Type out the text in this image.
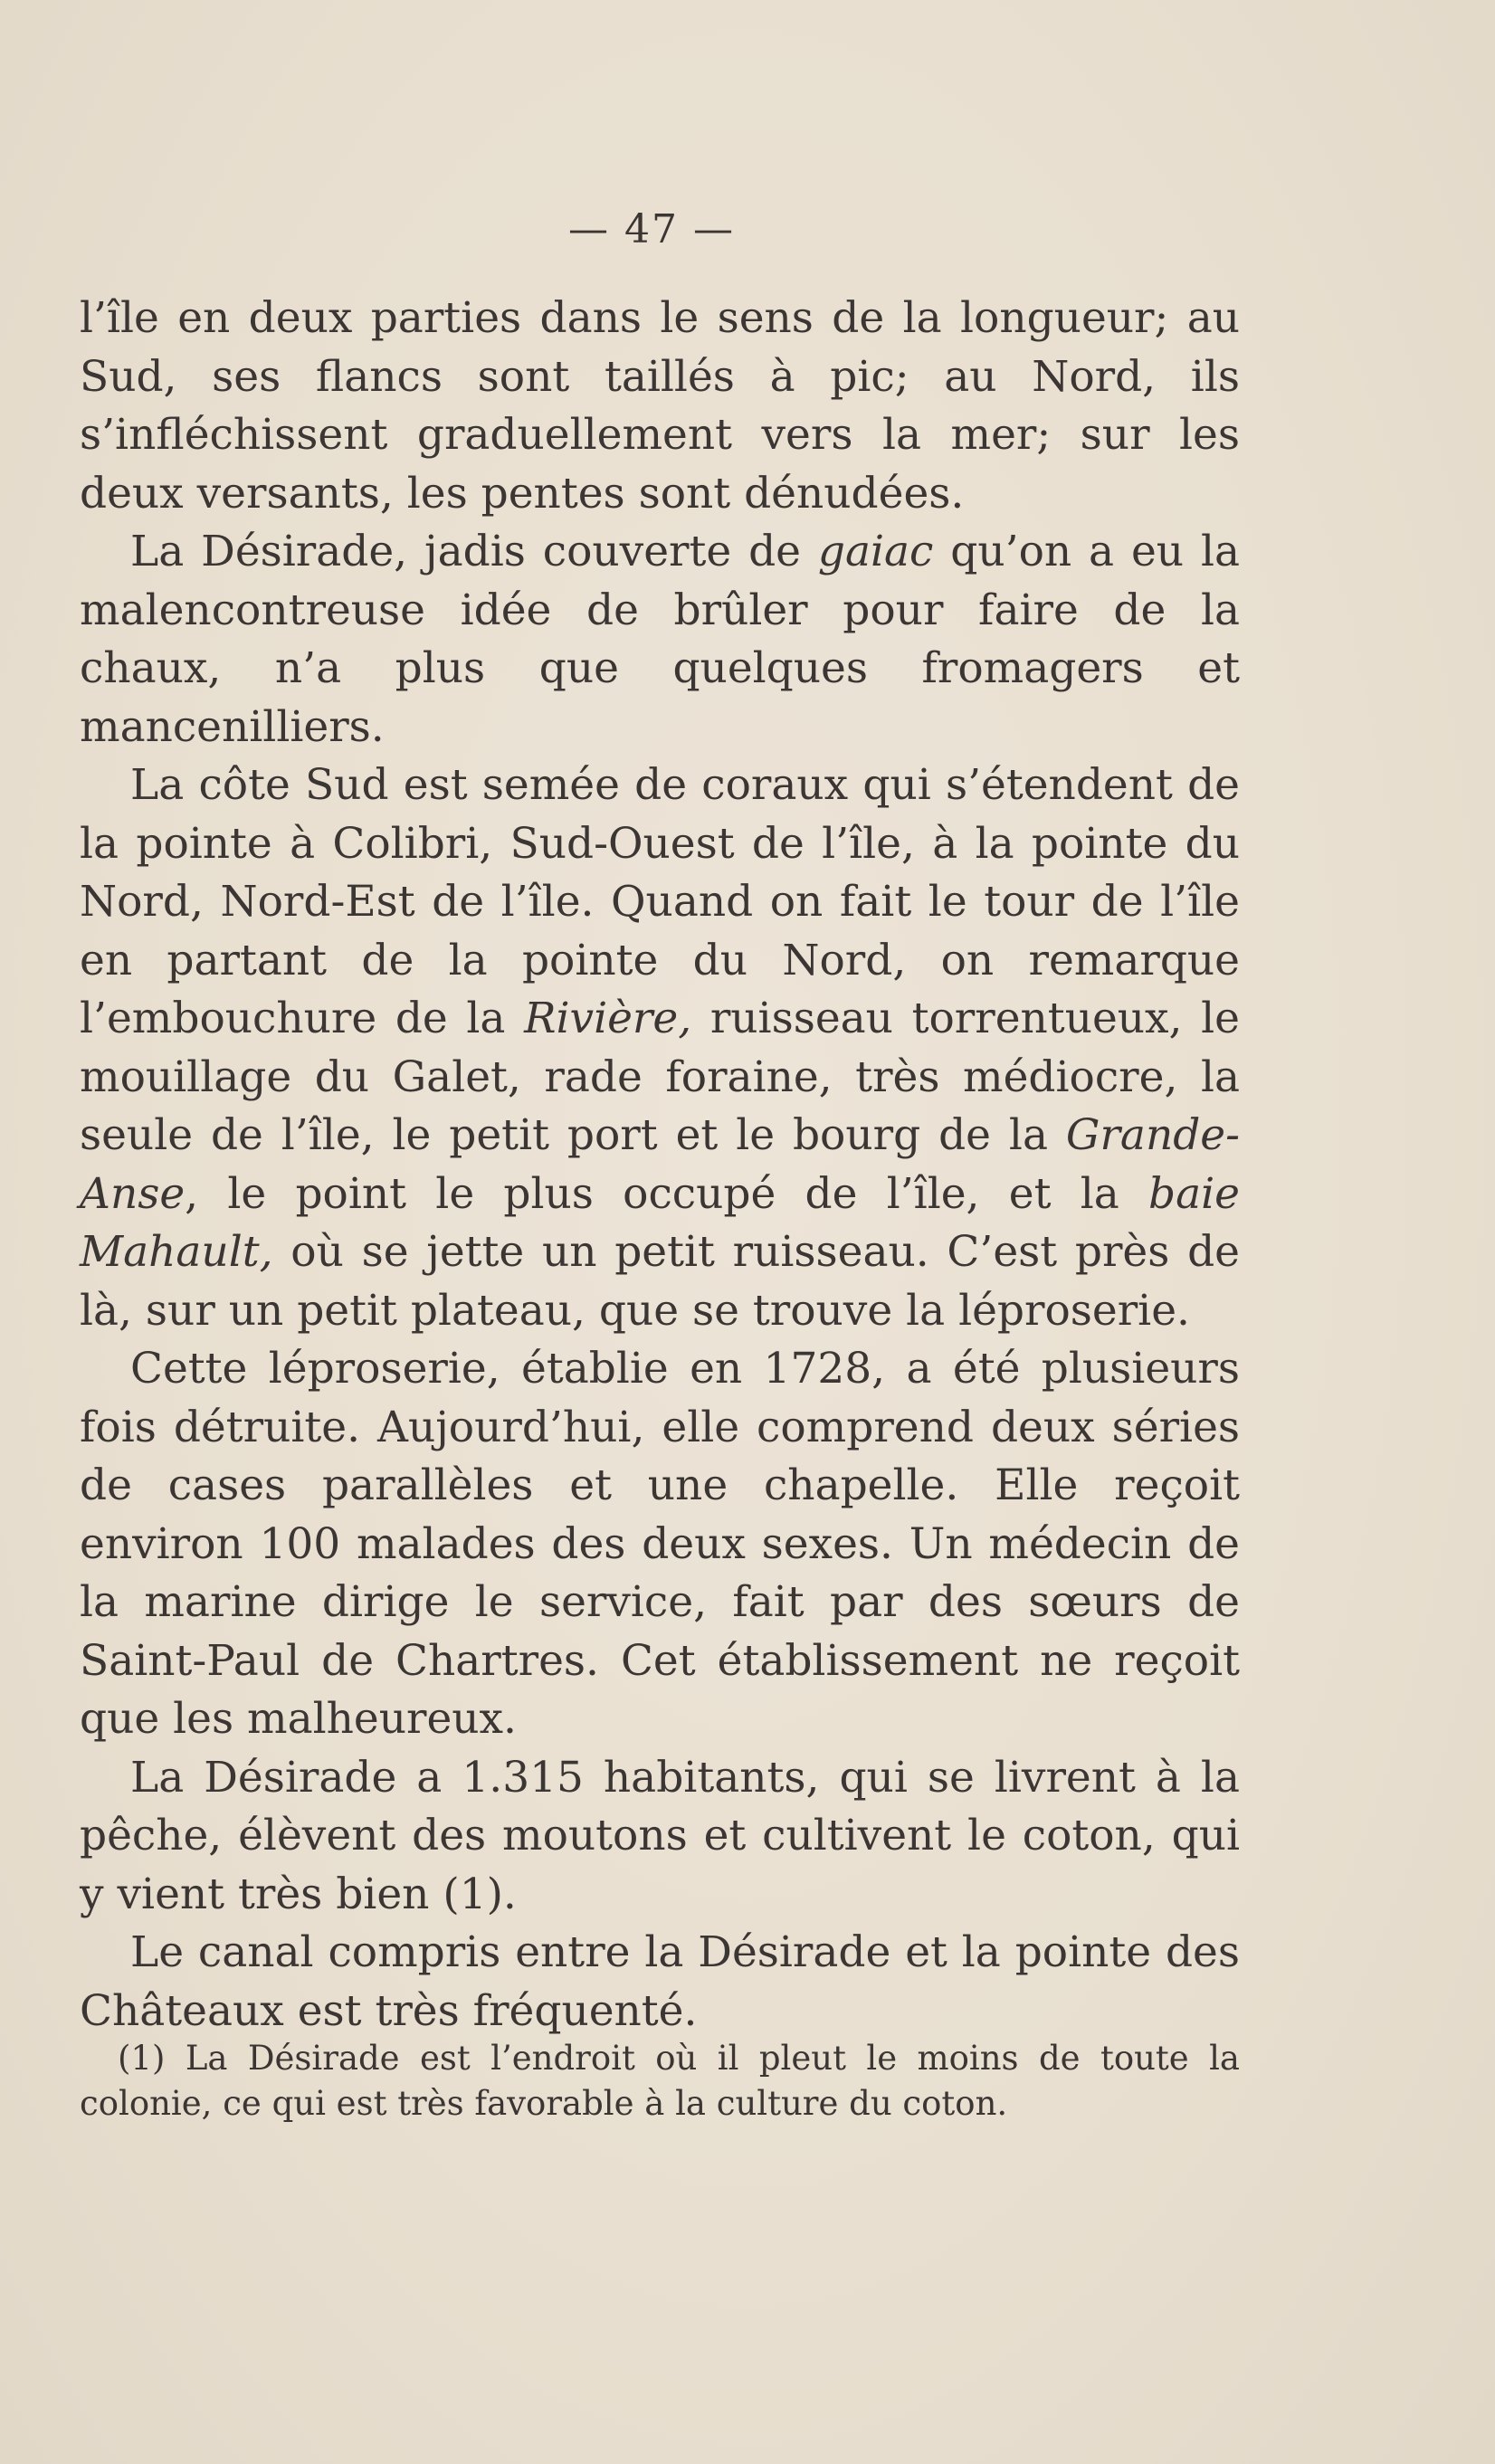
— 47 —

l’île en deux parties dans le sens de la longueur; au Sud, ses flancs sont taillés à pic; au Nord, ils s’infléchissent graduellement vers la mer; sur les deux versants, les pentes sont dénudées.

La Désirade, jadis couverte de gaiac qu’on a eu la malencontreuse idée de brûler pour faire de la chaux, n’a plus que quelques fromagers et mancenilliers.

La côte Sud est semée de coraux qui s’étendent de la pointe à Colibri, Sud-Ouest de l’île, à la pointe du Nord, Nord-Est de l’île. Quand on fait le tour de l’île en partant de la pointe du Nord, on remarque l’embouchure de la Rivière, ruisseau torrentueux, le mouillage du Galet, rade foraine, très médiocre, la seule de l’île, le petit port et le bourg de la Grande-Anse, le point le plus occupé de l’île, et la baie Mahault, où se jette un petit ruisseau. C’est près de là, sur un petit plateau, que se trouve la léproserie.

Cette léproserie, établie en 1728, a été plusieurs fois détruite. Aujourd’hui, elle comprend deux séries de cases parallèles et une chapelle. Elle reçoit environ 100 malades des deux sexes. Un médecin de la marine dirige le service, fait par des sœurs de Saint-Paul de Chartres. Cet établissement ne reçoit que les malheureux.

La Désirade a 1.315 habitants, qui se livrent à la pêche, élèvent des moutons et cultivent le coton, qui y vient très bien (1).

Le canal compris entre la Désirade et la pointe des Châteaux est très fréquenté.

(1) La Désirade est l’endroit où il pleut le moins de toute la colonie, ce qui est très favorable à la culture du coton.
